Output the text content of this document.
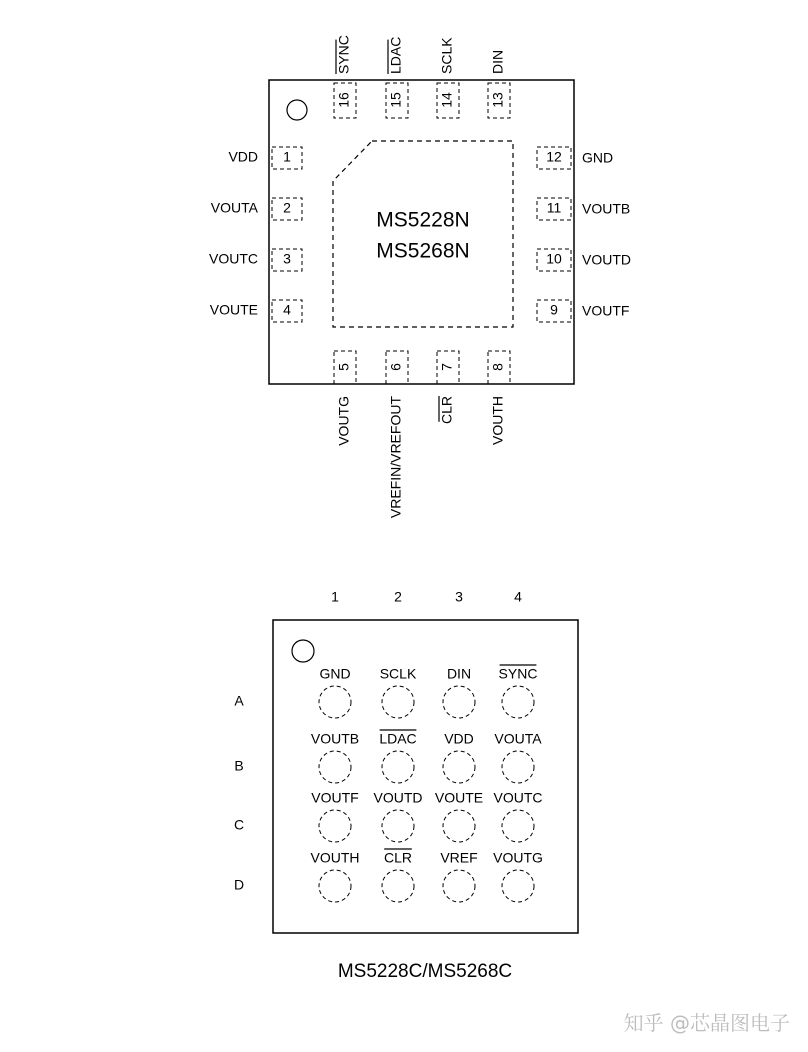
MS5228N
MS5268N
1
VDD
2
VOUTA
3
VOUTC
4
VOUTE
12 GND
11 VOUTB
10 VOUTD
9 VOUTF
16
SYNC
15
LDAC
14
SCLK
13
DIN
5
VOUTG
6
VREFIN/VREFOUT
7
CLR
8
VOUTH
1	2	3	4
A
B
C
D
GND SCLK DIN SYNC
VOUTB LDAC VDD VOUTA
VOUTF VOUTD VOUTE VOUTC
VOUTH CLR VREF VOUTG
MS5228C/MS5268C
知乎 @芯晶图电子
